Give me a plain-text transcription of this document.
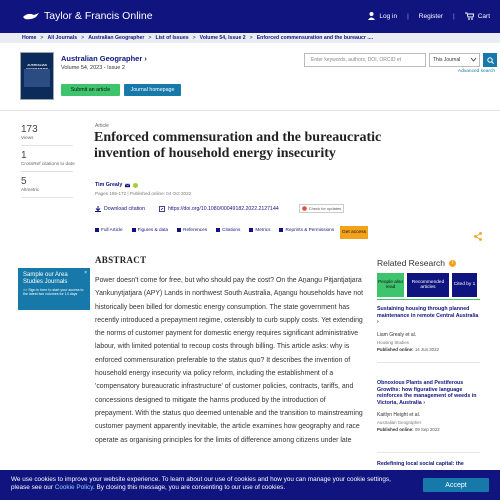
Taylor & Francis Online	Log in | Register |	Cart
Home > All Journals > Australian Geographer > List of Issues > Volume 54, Issue 2 > Enforced commensuration and the bureaucr ....
AUSTRALIAN
Australian Geographer ›
Volume 54, 2023 - Issue 2
Submit an article	Journal homepage
Enter keywords, authors, DOI, ORCID et	This Journal
Advanced search
173
Views
1
CrossRef citations to date
5
Altmetric
Article
Enforced commensuration and the bureaucratic invention of household energy insecurity
Tim Grealy
Pages 155-172 | Published online: 04 Oct 2022
Download citation	https://doi.org/10.1080/00049182.2022.2127144	Check for updates
Full Article	Figures & data	References	Citations	Metrics	Reprints & Permissions
Get access
Sample our Area Studies Journals
>> Sign in here to start your access to the latest two volumes for 14 days
×
ABSTRACT
Power doesn't come for free, but who should pay the cost? On the Aṉangu Pitjantjatjara Yankunytjatjara (APY) Lands in northwest South Australia, Aṉangu households have not historically been billed for domestic energy consumption. The state government has recently introduced a prepayment regime, ostensibly to curb supply costs. Yet extending the norms of customer payment for domestic energy requires significant administrative labour, with limited potential to recoup costs through billing. This article asks: why is enforced commensuration preferable to the status quo? It describes the invention of household energy insecurity via policy reform, including the establishment of a 'compensatory bureaucratic infrastructure' of customer policies, contracts, tariffs, and concessions designed to mitigate the harms produced by the introduction of prepayment. With the status quo deemed untenable and the transition to mainstreaming customer payment apparently inevitable, the article examines how geography and race operate as organising principles for the limits of difference among citizens under late
Related Research	i
People also read
Recommended articles
Cited by 1
Sustaining housing through planned maintenance in remote Central Australia ›
Liam Grealy et al.
Housing Studies
Published online: 14 Jun 2022
Obnoxious Plants and Pestiferous Growths: how figurative language reinforces the management of weeds in Victoria, Australia ›
Kaitlyn Height et al.
Australian Geographer
Published online: 09 Sep 2022
Redefining local social capital: the
We use cookies to improve your website experience. To learn about our use of cookies and how you can manage your cookie settings,
please see our Cookie Policy. By closing this message, you are consenting to our use of cookies.	Accept
